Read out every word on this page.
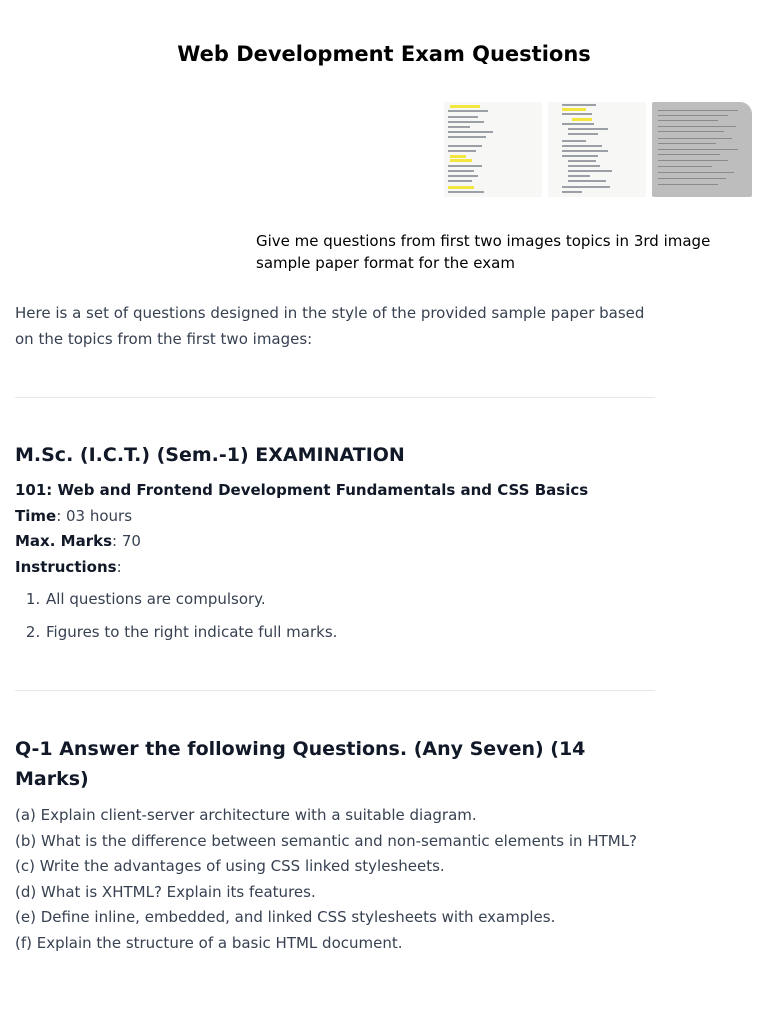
Web Development Exam Questions
Give me questions from first two images topics in 3rd image sample paper format for the exam

Here is a set of questions designed in the style of the provided sample paper based on the topics from the first two images:

M.Sc. (I.C.T.) (Sem.-1) EXAMINATION

101: Web and Frontend Development Fundamentals and CSS Basics

Time: 03 hours

Max. Marks: 70

Instructions:

1. All questions are compulsory.
2. Figures to the right indicate full marks.
Q-1 Answer the following Questions. (Any Seven) (14 Marks)

(a) Explain client-server architecture with a suitable diagram.

(b) What is the difference between semantic and non-semantic elements in HTML?

(c) Write the advantages of using CSS linked stylesheets.

(d) What is XHTML? Explain its features.

(e) Define inline, embedded, and linked CSS stylesheets with examples.

(f) Explain the structure of a basic HTML document.
